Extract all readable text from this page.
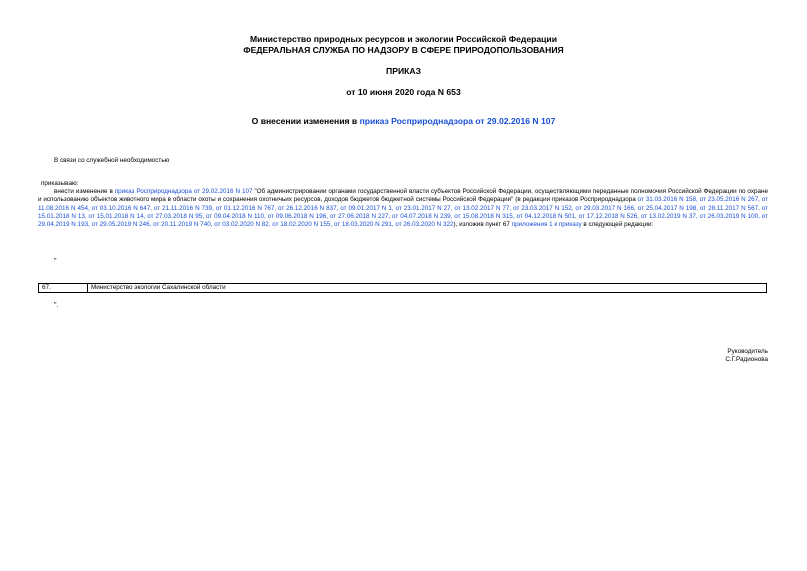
Министерство природных ресурсов и экологии Российской Федерации
ФЕДЕРАЛЬНАЯ СЛУЖБА ПО НАДЗОРУ В СФЕРЕ ПРИРОДОПОЛЬЗОВАНИЯ
ПРИКАЗ
от 10 июня 2020 года N 653
О внесении изменения в приказ Росприроднадзора от 29.02.2016 N 107
В связи со служебной необходимостью
приказываю:
внести изменение в приказ Росприроднадзора от 29.02.2016 N 107 "Об администрировании органами государственной власти субъектов Российской Федерации, осуществляющими переданные полномочия Российской Федерации по охране и использованию объектов животного мира в области охоты и сохранения охотничьих ресурсов, доходов бюджетов бюджетной системы Российской Федерации" (в редакции приказов Росприроднадзора от 31.03.2016 N 158, от 23.05.2016 N 267, от 11.08.2016 N 454, от 03.10.2016 N 647, от 21.11.2016 N 739, от 01.12.2016 N 767, от 26.12.2016 N 837, от 09.01.2017 N 1, от 23.01.2017 N 27, от 13.02.2017 N 77, от 23.03.2017 N 152, от 29.03.2017 N 166, от 25.04.2017 N 198, от 28.11.2017 N 567, от 15.01.2018 N 13, от 15.01.2018 N 14, от 27.03.2018 N 95, от 09.04.2018 N 110, от 09.06.2018 N 196, от 27.06.2018 N 227, от 04.07.2018 N 239, от 15.08.2018 N 315, от 04.12.2018 N 501, от 17.12.2018 N 526, от 13.02.2019 N 37, от 26.03.2019 N 100, от 29.04.2019 N 193, от 29.05.2019 N 246, от 20.11.2019 N 740, от 03.02.2020 N 82, от 18.02.2020 N 155, от 18.03.2020 N 291, от 26.03.2020 N 322), изложив пункт 67 приложения 1 к приказу в следующей редакции:
"
67.	Министерство экологии Сахалинской области
".
Руководитель
С.Г.Радионова
